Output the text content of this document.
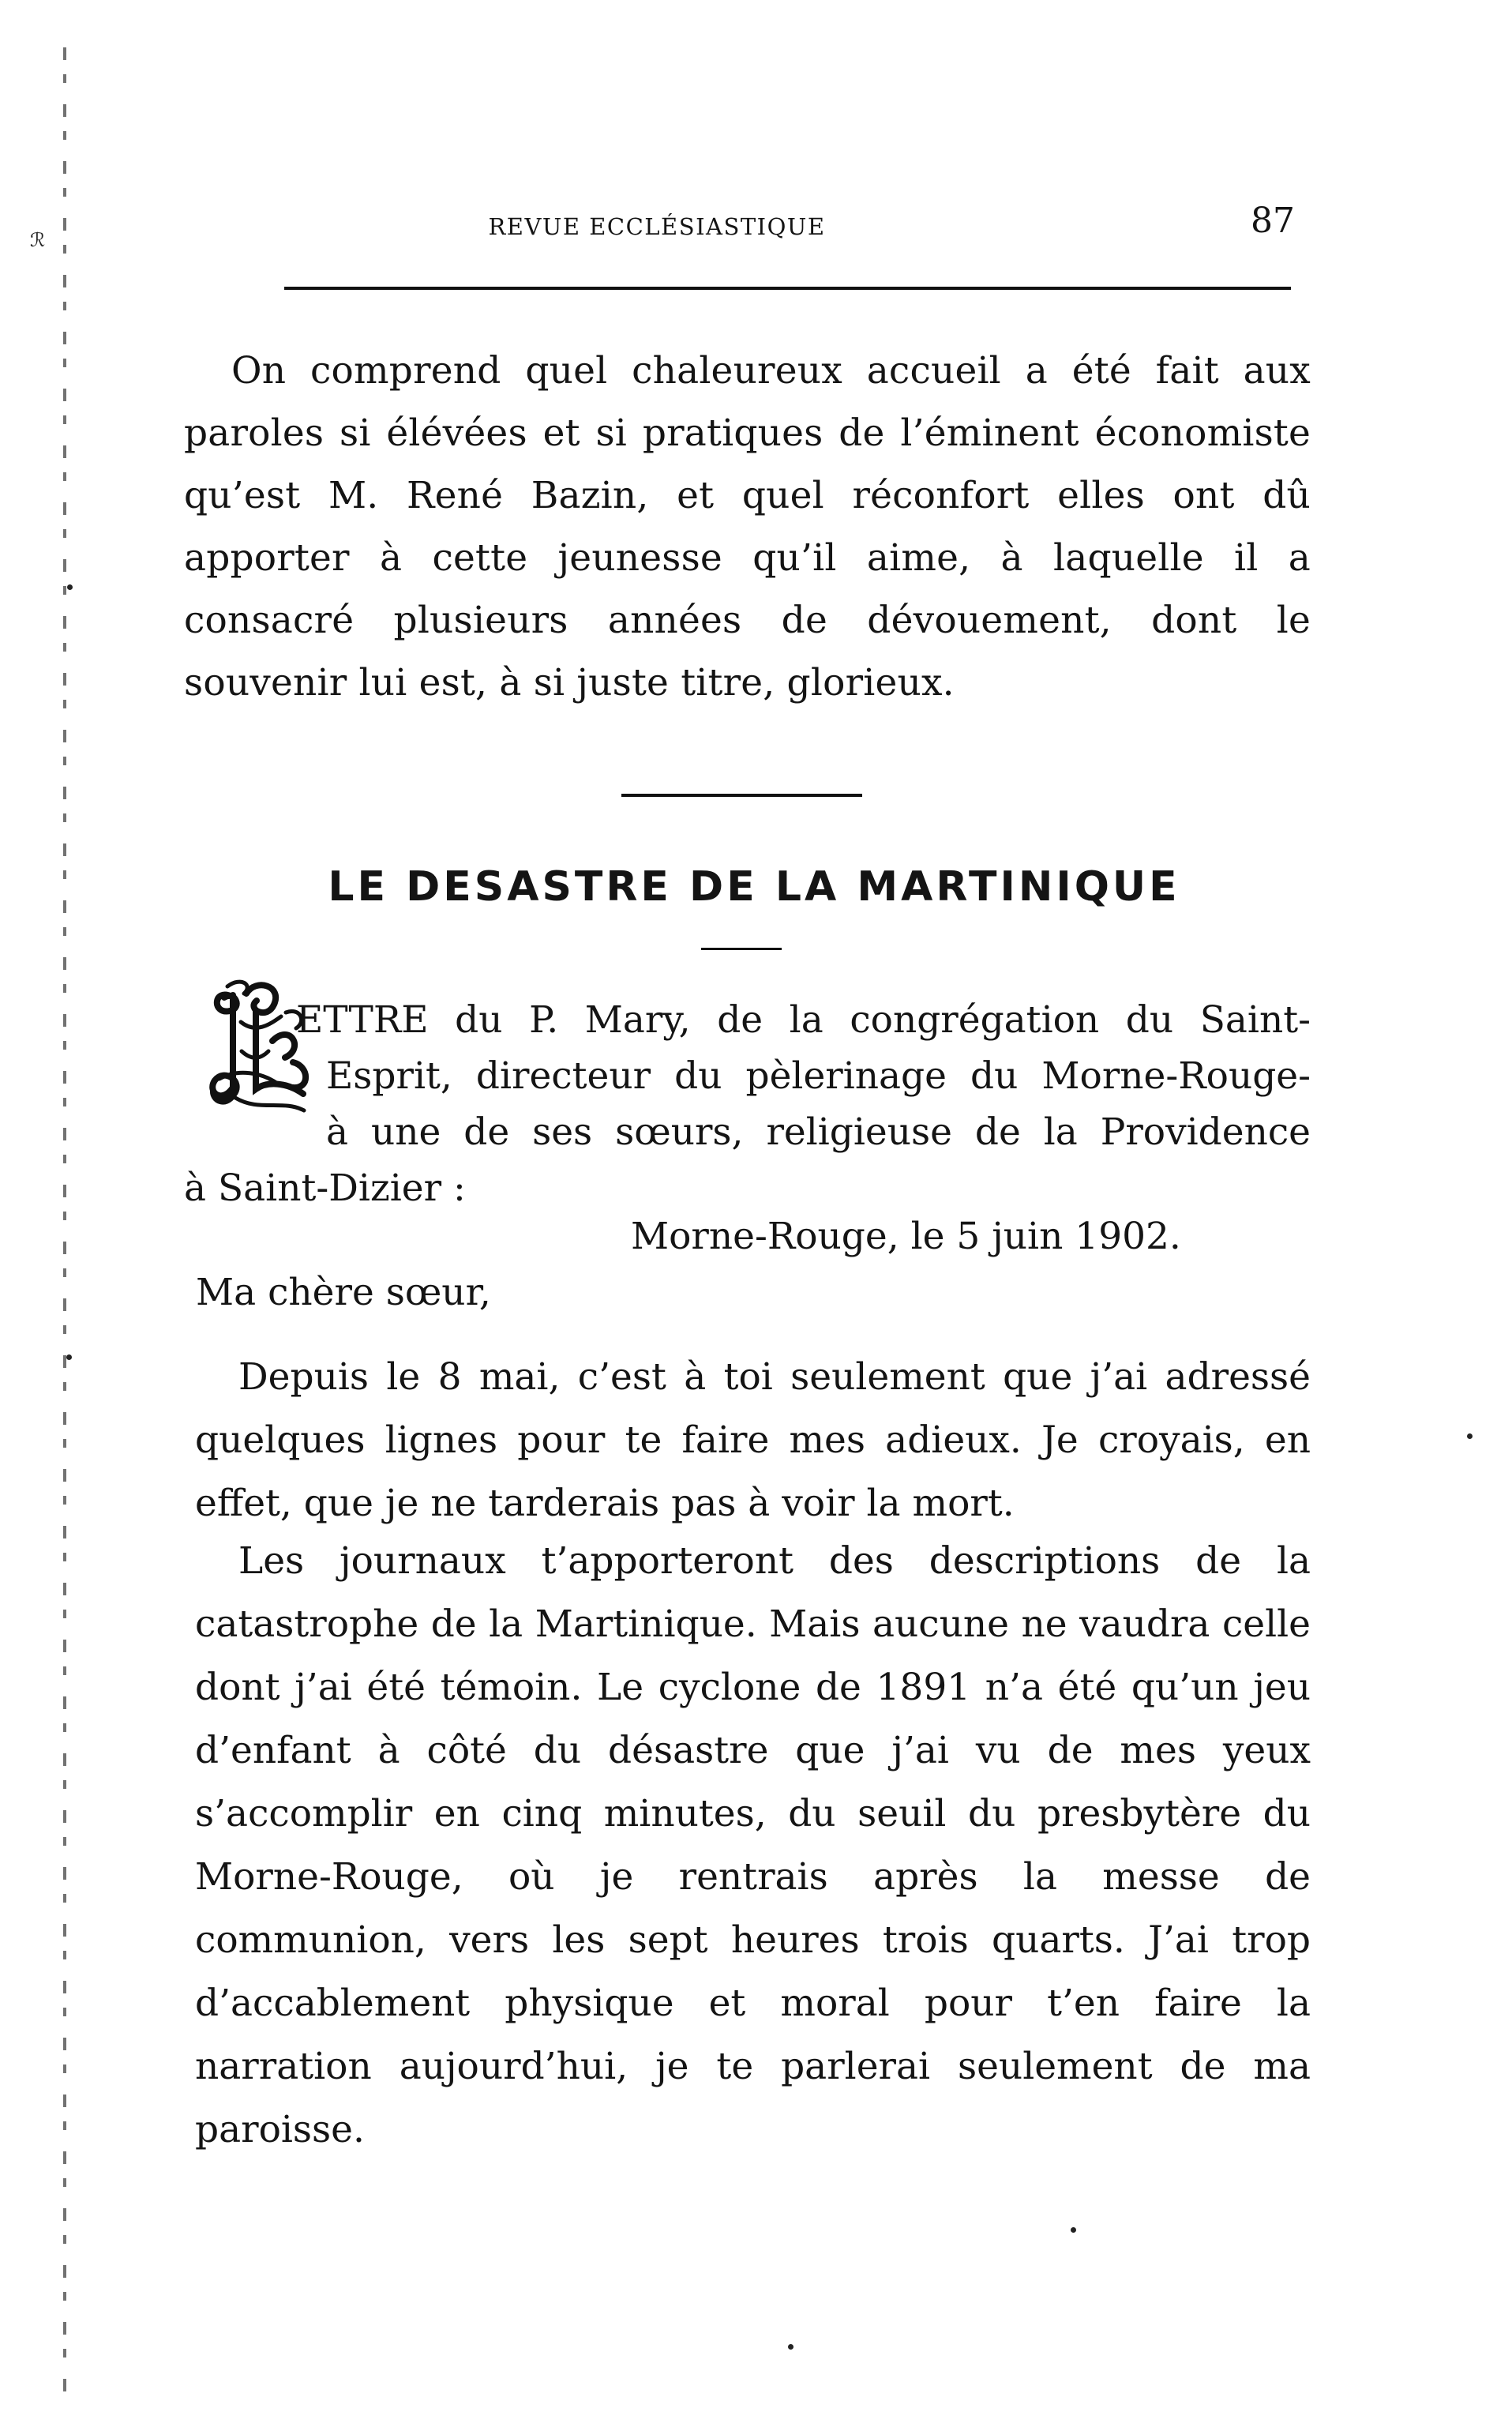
ℛ	REVUE ECCLÉSIASTIQUE	87
On comprend quel chaleureux accueil a été fait aux paroles si élévées et si pratiques de l’éminent économiste qu’est M. René Bazin, et quel réconfort elles ont dû apporter à cette jeunesse qu’il aime, à laquelle il a consacré plusieurs années de dévouement, dont le souvenir lui est, à si juste titre, glorieux.
LE DESASTRE DE LA MARTINIQUE
ETTRE du P. Mary, de la congrégation du Saint-
Esprit, directeur du pèlerinage du Morne-Rouge-
à une de ses sœurs, religieuse de la Providence
à Saint-Dizier :
Morne-Rouge, le 5 juin 1902.
Ma chère sœur,
Depuis le 8 mai, c’est à toi seulement que j’ai adressé quelques lignes pour te faire mes adieux. Je croyais, en effet, que je ne tarderais pas à voir la mort.
Les journaux t’apporteront des descriptions de la catastrophe de la Martinique. Mais aucune ne vaudra celle dont j’ai été témoin. Le cyclone de 1891 n’a été qu’un jeu d’enfant à côté du désastre que j’ai vu de mes yeux s’accomplir en cinq minutes, du seuil du presbytère du Morne-Rouge, où je rentrais après la messe de communion, vers les sept heures trois quarts. J’ai trop d’accablement physique et moral pour t’en faire la narration aujourd’hui, je te parlerai seulement de ma paroisse.
